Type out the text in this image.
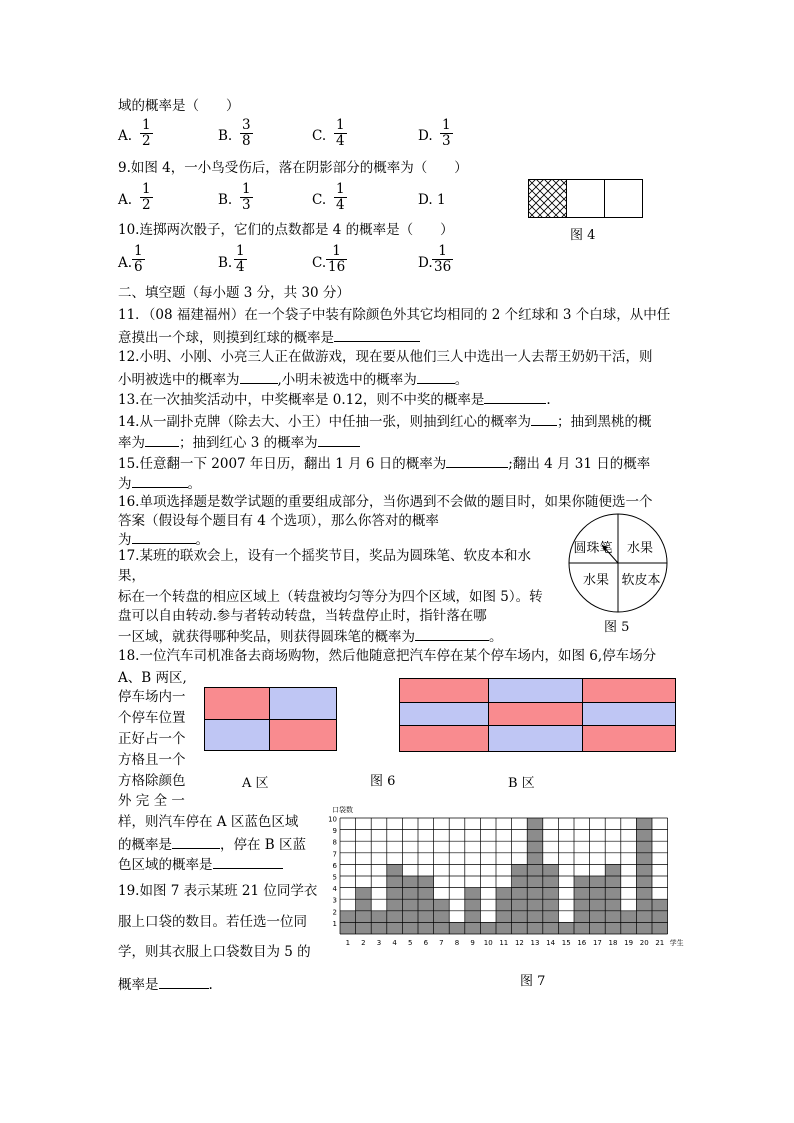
域的概率是（　　）
A. $\frac{1}{2}$	B. $\frac{3}{8}$	C. $\frac{1}{4}$	D. $\frac{1}{3}$
9.如图 4，一小鸟受伤后，落在阴影部分的概率为（　　）
A. $\frac{1}{2}$	B. $\frac{1}{3}$	C. $\frac{1}{4}$	D. 1
图 4
10.连掷两次骰子，它们的点数都是 4 的概率是（　　）
A. $\frac{1}{6}$	B. $\frac{1}{4}$	C. $\frac{1}{16}$	D. $\frac{1}{36}$
二、填空题（每小题 3 分，共 30 分）
11．（08 福建福州）在一个袋子中装有除颜色外其它均相同的 2 个红球和 3 个白球，从中任
意摸出一个球，则摸到红球的概率是
12.小明、小刚、小亮三人正在做游戏，现在要从他们三人中选出一人去帮王奶奶干活，则
小明被选中的概率为	,小明未被选中的概率为	。
13.在一次抽奖活动中，中奖概率是 0.12，则不中奖的概率是	.
14.从一副扑克牌（除去大、小王）中任抽一张，则抽到红心的概率为 ；抽到黑桃的概
率为	；抽到红心 3 的概率为
15.任意翻一下 2007 年日历，翻出 1 月 6 日的概率为	;翻出 4 月 31 日的概率
为	。
16.单项选择题是数学试题的重要组成部分，当你遇到不会做的题目时，如果你随便选一个
答案（假设每个题目有 4 个选项），那么你答对的概率
为	。
圆珠笔 水果
水果 软皮本
图 5
17.某班的联欢会上，设有一个摇奖节目，奖品为圆珠笔、软皮本和水
果，
标在一个转盘的相应区域上（转盘被均匀等分为四个区域，如图 5）。转
盘可以自由转动.参与者转动转盘，当转盘停止时，指针落在哪
一区域，就获得哪种奖品，则获得圆珠笔的概率为	。
18.一位汽车司机准备去商场购物，然后他随意把汽车停在某个停车场内，如图 6,停车场分
A、B 两区,
停车场内一
个停车位置
正好占一个
方格且一个
方格除颜色
外 完 全 一
样，则汽车停在 A 区蓝色区域
的概率是	，停在 B 区蓝
色区域的概率是
A 区	图 6	B 区
19.如图 7 表示某班 21 位同学衣
服上口袋的数目。若任选一位同
学，则其衣服上口袋数目为 5 的
概率是	.
1
2
3
4
5
6
7
8
9
10
1 2 3 4 5 6 7 8 9 10 11 12 13 14 15 16 17 18 19 20 21
口袋数
学生
图 7
